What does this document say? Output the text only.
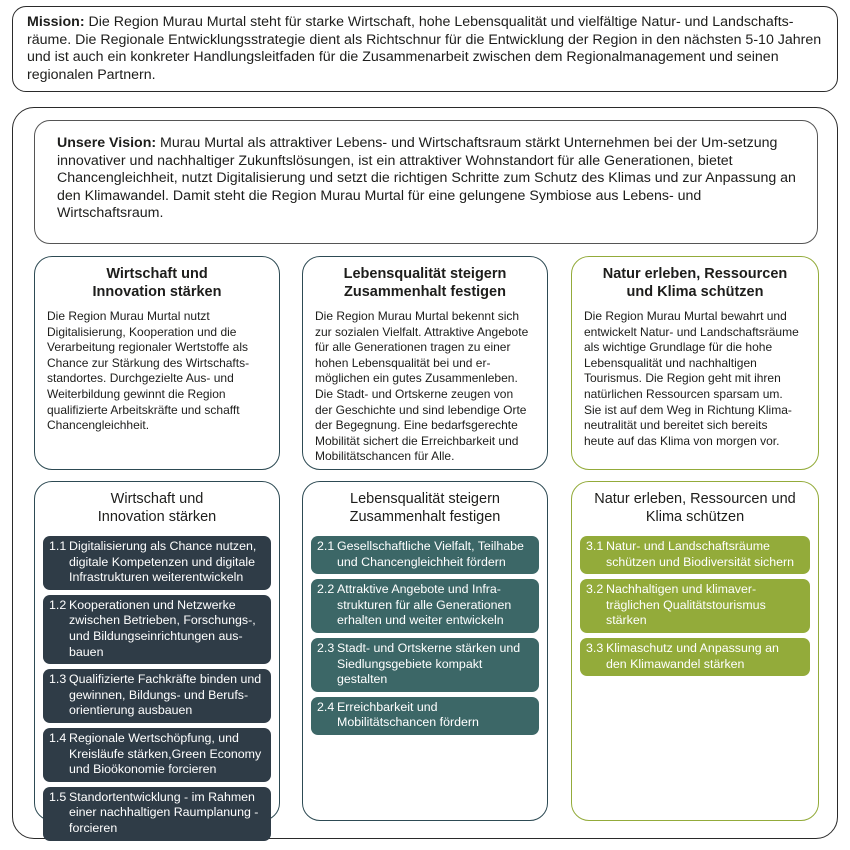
Mission: Die Region Murau Murtal steht für starke Wirtschaft, hohe Lebensqualität und vielfältige Natur- und Landschafts-räume. Die Regionale Entwicklungsstrategie dient als Richtschnur für die Entwicklung der Region in den nächsten 5-10 Jahren und ist auch ein konkreter Handlungsleitfaden für die Zusammenarbeit zwischen dem Regionalmanagement und seinen regionalen Partnern.
Unsere Vision: Murau Murtal als attraktiver Lebens- und Wirtschaftsraum stärkt Unternehmen bei der Um-setzung innovativer und nachhaltiger Zukunftslösungen, ist ein attraktiver Wohnstandort für alle Generationen, bietet Chancengleichheit, nutzt Digitalisierung und setzt die richtigen Schritte zum Schutz des Klimas und zur Anpassung an den Klimawandel. Damit steht die Region Murau Murtal für eine gelungene Symbiose aus Lebens- und Wirtschaftsraum.

Wirtschaft und
Innovation stärken

Die Region Murau Murtal nutzt
Digitalisierung, Kooperation und die
Verarbeitung regionaler Wertstoffe als
Chance zur Stärkung des Wirtschafts-
standortes. Durchgezielte Aus- und
Weiterbildung gewinnt die Region
qualifizierte Arbeitskräfte und schafft
Chancengleichheit.

Lebensqualität steigern
Zusammenhalt festigen

Die Region Murau Murtal bekennt sich
zur sozialen Vielfalt. Attraktive Angebote
für alle Generationen tragen zu einer
hohen Lebensqualität bei und er-
möglichen ein gutes Zusammenleben.
Die Stadt- und Ortskerne zeugen von
der Geschichte und sind lebendige Orte
der Begegnung. Eine bedarfsgerechte
Mobilität sichert die Erreichbarkeit und
Mobilitätschancen für Alle.

Natur erleben, Ressourcen
und Klima schützen

Die Region Murau Murtal bewahrt und
entwickelt Natur- und Landschaftsräume
als wichtige Grundlage für die hohe
Lebensqualität und nachhaltigen
Tourismus. Die Region geht mit ihren
natürlichen Ressourcen sparsam um.
Sie ist auf dem Weg in Richtung Klima-
neutralität und bereitet sich bereits
heute auf das Klima von morgen vor.

Wirtschaft und
Innovation stärken

1.1 Digitalisierung als Chance nutzen,
digitale Kompetenzen und digitale
Infrastrukturen weiterentwickeln
1.2 Kooperationen und Netzwerke
zwischen Betrieben, Forschungs-,
und Bildungseinrichtungen aus-
bauen
1.3 Qualifizierte Fachkräfte binden und
gewinnen, Bildungs- und Berufs-
orientierung ausbauen
1.4 Regionale Wertschöpfung, und
Kreisläufe stärken,Green Economy
und Bioökonomie forcieren
1.5 Standortentwicklung - im Rahmen
einer nachhaltigen Raumplanung -
forcieren

Lebensqualität steigern
Zusammenhalt festigen

2.1 Gesellschaftliche Vielfalt, Teilhabe
und Chancengleichheit fördern
2.2 Attraktive Angebote und Infra-
strukturen für alle Generationen
erhalten und weiter entwickeln
2.3 Stadt- und Ortskerne stärken und
Siedlungsgebiete kompakt
gestalten
2.4 Erreichbarkeit und
Mobilitätschancen fördern

Natur erleben, Ressourcen und
Klima schützen

3.1 Natur- und Landschaftsräume
schützen und Biodiversität sichern
3.2 Nachhaltigen und klimaver-
träglichen Qualitätstourismus
stärken
3.3 Klimaschutz und Anpassung an
den Klimawandel stärken
